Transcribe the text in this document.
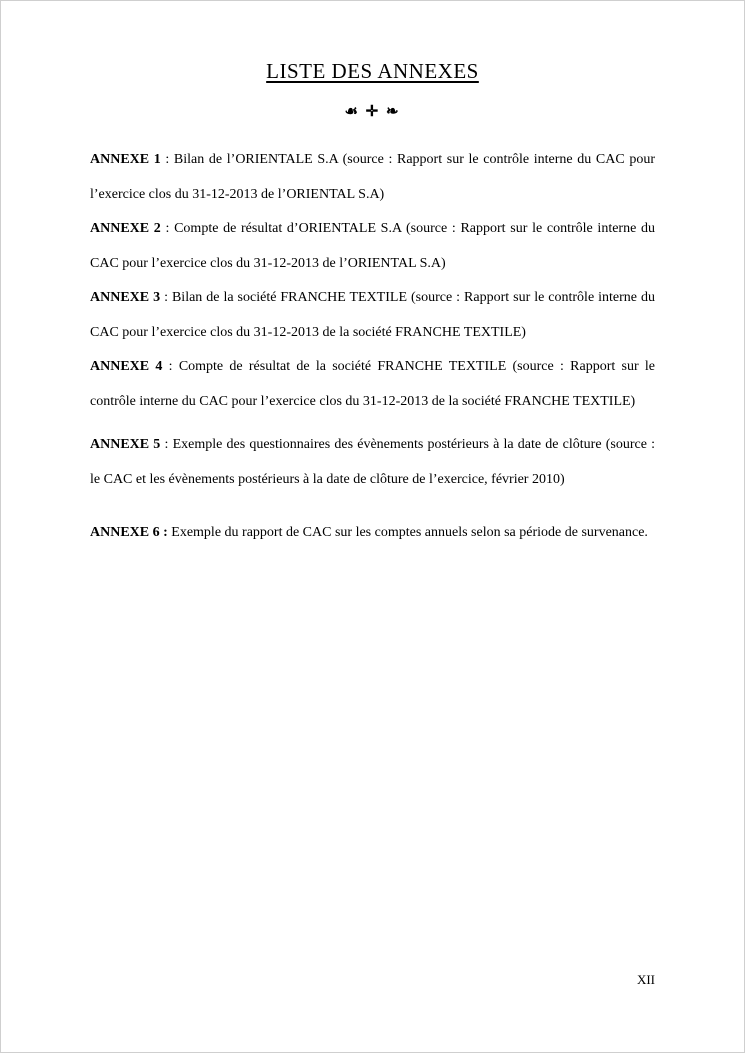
LISTE DES ANNEXES
☙ ✛ ❧

ANNEXE 1 : Bilan de l’ORIENTALE S.A (source : Rapport sur le contrôle interne du CAC pour l’exercice clos du 31-12-2013 de l’ORIENTAL S.A)

ANNEXE 2 : Compte de résultat d’ORIENTALE S.A (source : Rapport sur le contrôle interne du CAC pour l’exercice clos du 31-12-2013 de l’ORIENTAL S.A)

ANNEXE 3 : Bilan de la société FRANCHE TEXTILE (source : Rapport sur le contrôle interne du CAC pour l’exercice clos du 31-12-2013 de la société FRANCHE TEXTILE)

ANNEXE 4 : Compte de résultat de la société FRANCHE TEXTILE (source : Rapport sur le contrôle interne du CAC pour l’exercice clos du 31-12-2013 de la société FRANCHE TEXTILE)

ANNEXE 5 : Exemple des questionnaires des évènements postérieurs à la date de clôture (source : le CAC et les évènements postérieurs à la date de clôture de l’exercice, février 2010)

ANNEXE 6 : Exemple du rapport de CAC sur les comptes annuels selon sa période de survenance.

XII
